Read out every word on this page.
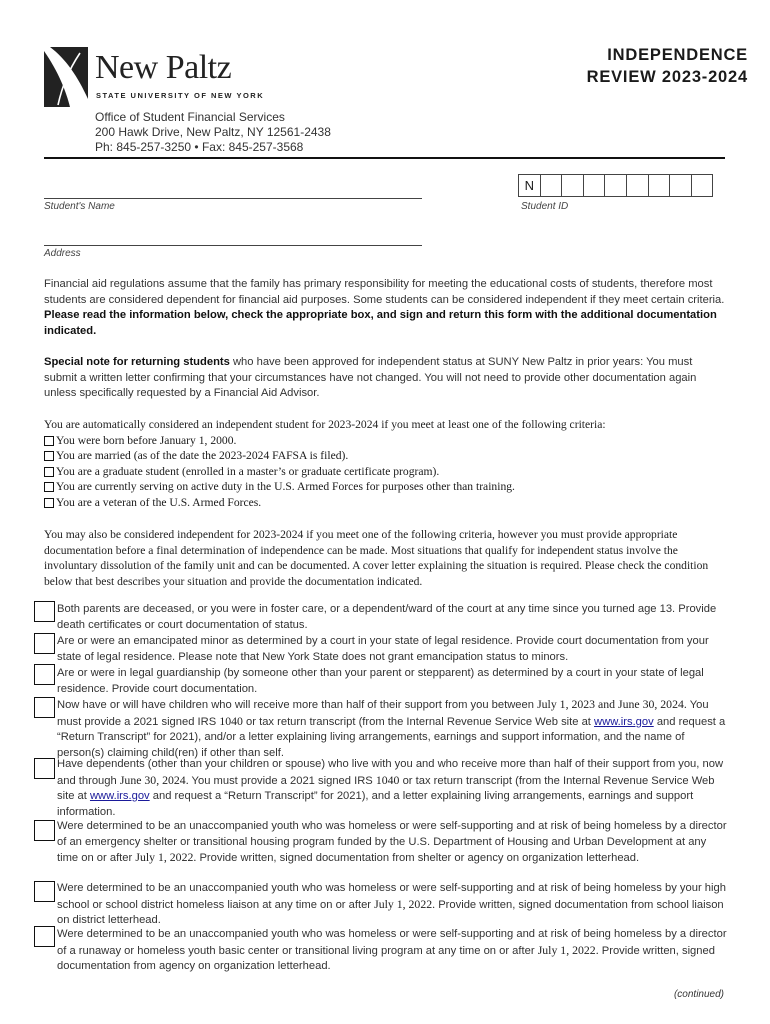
New Paltz
STATE UNIVERSITY OF NEW YORK
INDEPENDENCE
REVIEW 2023-2024
Office of Student Financial Services
200 Hawk Drive, New Paltz, NY 12561-2438
Ph: 845-257-3250 • Fax: 845-257-3568
Student's Name
N
Student ID
Address
Financial aid regulations assume that the family has primary responsibility for meeting the educational costs of students, therefore most students are considered dependent for financial aid purposes. Some students can be considered independent if they meet certain criteria. Please read the information below, check the appropriate box, and sign and return this form with the additional documentation indicated.
Special note for returning students who have been approved for independent status at SUNY New Paltz in prior years: You must submit a written letter confirming that your circumstances have not changed. You will not need to provide other documentation again unless specifically requested by a Financial Aid Advisor.
You are automatically considered an independent student for 2023-2024 if you meet at least one of the following criteria:
You were born before January 1, 2000.
You are married (as of the date the 2023-2024 FAFSA is filed).
You are a graduate student (enrolled in a master’s or graduate certificate program).
You are currently serving on active duty in the U.S. Armed Forces for purposes other than training.
You are a veteran of the U.S. Armed Forces.
You may also be considered independent for 2023-2024 if you meet one of the following criteria, however you must provide appropriate documentation before a final determination of independence can be made. Most situations that qualify for independent status involve the involuntary dissolution of the family unit and can be documented. A cover letter explaining the situation is required. Please check the condition below that best describes your situation and provide the documentation indicated.
Both parents are deceased, or you were in foster care, or a dependent/ward of the court at any time since you turned age 13. Provide death certificates or court documentation of status.
Are or were an emancipated minor as determined by a court in your state of legal residence. Provide court documentation from your state of legal residence. Please note that New York State does not grant emancipation status to minors.
Are or were in legal guardianship (by someone other than your parent or stepparent) as determined by a court in your state of legal residence. Provide court documentation.
Now have or will have children who will receive more than half of their support from you between July 1, 2023 and June 30, 2024. You must provide a 2021 signed IRS 1040 or tax return transcript (from the Internal Revenue Service Web site at www.irs.gov and request a “Return Transcript” for 2021), and/or a letter explaining living arrangements, earnings and support information, and the name of person(s) claiming child(ren) if other than self.
Have dependents (other than your children or spouse) who live with you and who receive more than half of their support from you, now and through June 30, 2024. You must provide a 2021 signed IRS 1040 or tax return transcript (from the Internal Revenue Service Web site at www.irs.gov and request a “Return Transcript” for 2021), and a letter explaining living arrangements, earnings and support information.
Were determined to be an unaccompanied youth who was homeless or were self-supporting and at risk of being homeless by a director of an emergency shelter or transitional housing program funded by the U.S. Department of Housing and Urban Development at any time on or after July 1, 2022. Provide written, signed documentation from shelter or agency on organization letterhead.
Were determined to be an unaccompanied youth who was homeless or were self-supporting and at risk of being homeless by your high school or school district homeless liaison at any time on or after July 1, 2022. Provide written, signed documentation from school liaison on district letterhead.
Were determined to be an unaccompanied youth who was homeless or were self-supporting and at risk of being homeless by a director of a runaway or homeless youth basic center or transitional living program at any time on or after July 1, 2022. Provide written, signed documentation from agency on organization letterhead.
(continued)
